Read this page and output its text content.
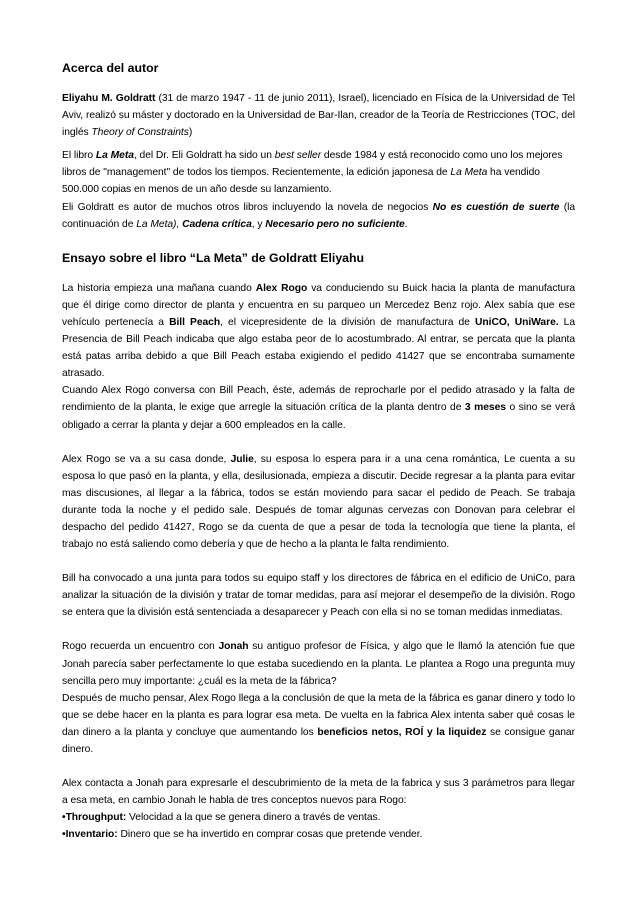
Acerca del autor

Eliyahu M. Goldratt (31 de marzo 1947 - 11 de junio 2011), Israel), licenciado en Física de la Universidad de Tel Aviv, realizó su máster y doctorado en la Universidad de Bar-Ilan, creador de la Teoría de Restricciones (TOC, del inglés Theory of Constraints)

El libro La Meta, del Dr. Eli Goldratt ha sido un best seller desde 1984 y está reconocido como uno los mejores libros de "management" de todos los tiempos. Recientemente, la edición japonesa de La Meta ha vendido 500.000 copias en menos de un año desde su lanzamiento.

Eli Goldratt es autor de muchos otros libros incluyendo la novela de negocios No es cuestión de suerte (la continuación de La Meta), Cadena crítica, y Necesario pero no suficiente.

Ensayo sobre el libro “La Meta” de Goldratt Eliyahu

La historia empieza una mañana cuando Alex Rogo va conduciendo su Buick hacia la planta de manufactura que él dirige como director de planta y encuentra en su parqueo un Mercedez Benz rojo. Alex sabía que ese vehículo pertenecía a Bill Peach, el vicepresidente de la división de manufactura de UniCO, UniWare. La Presencia de Bill Peach indicaba que algo estaba peor de lo acostumbrado. Al entrar, se percata que la planta está patas arriba debido a que Bill Peach estaba exigiendo el pedido 41427 que se encontraba sumamente atrasado.

Cuando Alex Rogo conversa con Bill Peach, éste, además de reprocharle por el pedido atrasado y la falta de rendimiento de la planta, le exige que arregle la situación crítica de la planta dentro de 3 meses o sino se verá obligado a cerrar la planta y dejar a 600 empleados en la calle.

Alex Rogo se va a su casa donde, Julie, su esposa lo espera para ir a una cena romántica, Le cuenta a su esposa lo que pasó en la planta, y ella, desilusionada, empieza a discutir. Decide regresar a la planta para evitar mas discusiones, al llegar a la fábrica, todos se están moviendo para sacar el pedido de Peach. Se trabaja durante toda la noche y el pedido sale. Después de tomar algunas cervezas con Donovan para celebrar el despacho del pedido 41427, Rogo se da cuenta de que a pesar de toda la tecnología que tiene la planta, el trabajo no está saliendo como debería y que de hecho a la planta le falta rendimiento.

Bill ha convocado a una junta para todos su equipo staff y los directores de fábrica en el edificio de UniCo, para analizar la situación de la división y tratar de tomar medidas, para así mejorar el desempeño de la división. Rogo se entera que la división está sentenciada a desaparecer y Peach con ella si no se toman medidas inmediatas.

Rogo recuerda un encuentro con Jonah su antiguo profesor de Física, y algo que le llamó la atención fue que Jonah parecía saber perfectamente lo que estaba sucediendo en la planta. Le plantea a Rogo una pregunta muy sencilla pero muy importante: ¿cuál es la meta de la fábrica?
Después de mucho pensar, Alex Rogo llega a la conclusión de que la meta de la fábrica es ganar dinero y todo lo que se debe hacer en la planta es para lograr esa meta. De vuelta en la fabrica Alex intenta saber qué cosas le dan dinero a la planta y concluye que aumentando los beneficios netos, ROÍ y la liquidez se consigue ganar dinero.

Alex contacta a Jonah para expresarle el descubrimiento de la meta de la fabrica y sus 3 parámetros para llegar a esa meta, en cambio Jonah le habla de tres conceptos nuevos para Rogo:

•Throughput: Velocidad a la que se genera dinero a través de ventas.

•Inventario: Dinero que se ha invertido en comprar cosas que pretende vender.
